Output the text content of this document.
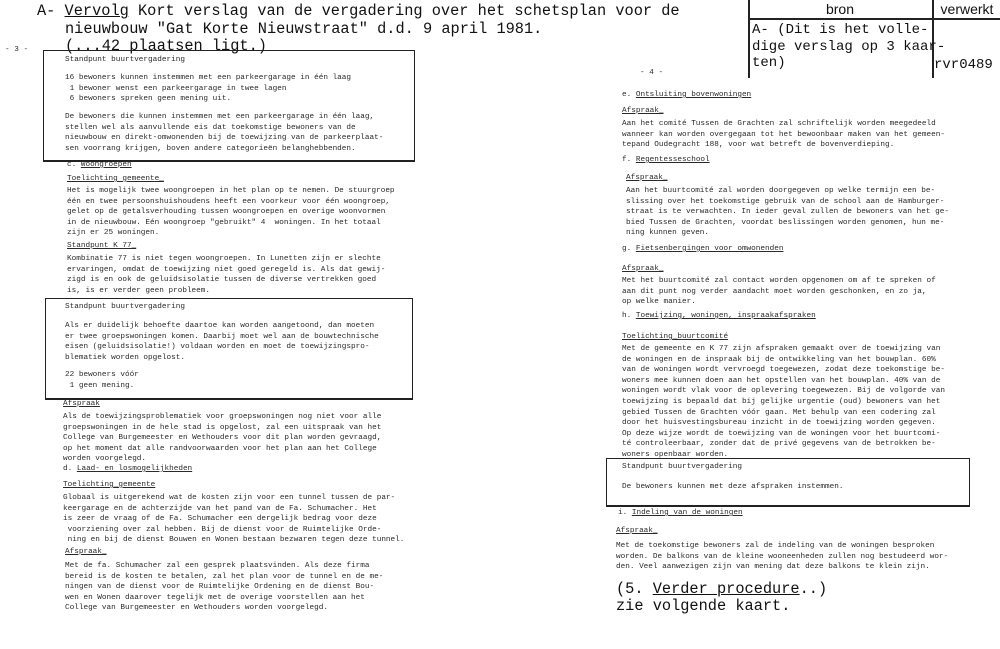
A- Vervolg Kort verslag van de vergadering over het schetsplan voor de
nieuwbouw "Gat Korte Nieuwstraat" d.d. 9 april 1981.
(...42 plaatsen ligt.)
- 3 -
Standpunt buurtvergadering
16 bewoners kunnen instemmen met een parkeergarage in één laag
1 bewoner wenst een parkeergarage in twee lagen
6 bewoners spreken geen mening uit.
De bewoners die kunnen instemmen met een parkeergarage in één laag,
stellen wel als aanvullende eis dat toekomstige bewoners van de
nieuwbouw en direkt-omwonenden bij de toewijzing van de parkeerplaat-
sen voorrang krijgen, boven andere categorieën belanghebbenden.
c. Woongroepen
Toelichting gemeente_
Het is mogelijk twee woongroepen in het plan op te nemen. De stuurgroep
één en twee persoonshuishoudens heeft een voorkeur voor één woongroep,
gelet op de getalsverhouding tussen woongroepen en overige woonvormen
in de nieuwbouw. Eén woongroep "gebruikt" 4  woningen. In het totaal
zijn er 25 woningen.
Standpunt K 77_
Kombinatie 77 is niet tegen woongroepen. In Lunetten zijn er slechte
ervaringen, omdat de toewijzing niet goed geregeld is. Als dat gewij-
zigd is en ook de geluidsisolatie tussen de diverse vertrekken goed
is, is er verder geen probleem.
Standpunt buurtvergadering
Als er duidelijk behoefte daartoe kan worden aangetoond, dan moeten
er twee groepswoningen komen. Daarbij moet wel aan de bouwtechnische
eisen (geluidsisolatie!) voldaan worden en moet de toewijzingspro-
blematiek worden opgelost.
22 bewoners vóór
1 geen mening.
Afspraak
Als de toewijzingsproblematiek voor groepswoningen nog niet voor alle
groepswoningen in de hele stad is opgelost, zal een uitspraak van het
College van Burgemeester en Wethouders voor dit plan worden gevraagd,
op het moment dat alle randvoorwaarden voor het plan aan het College
worden voorgelegd.
d. Laad- en losmogelijkheden
Toelichting_gemeente
Globaal is uitgerekend wat de kosten zijn voor een tunnel tussen de par-
keergarage en de achterzijde van het pand van de Fa. Schumacher. Het
is zeer de vraag of de Fa. Schumacher een dergelijk bedrag voor deze
voorziening over zal hebben. Bij de dienst voor de Ruimtelijke Orde-
ning en bij de dienst Bouwen en Wonen bestaan bezwaren tegen deze tunnel.
Afspraak_
Met de fa. Schumacher zal een gesprek plaatsvinden. Als deze firma
bereid is de kosten te betalen, zal het plan voor de tunnel en de me-
ningen van de dienst voor de Ruimtelijke Ordening en de dienst Bou-
wen en Wonen daarover tegelijk met de overige voorstellen aan het
College van Burgemeester en Wethouders worden voorgelegd.
bron	verwerkt
A- (Dit is het volle-
dige verslag op 3 kaar-
ten)	rvr0489
- 4 -
e. Ontsluiting bovenwoningen
Afspraak_
Aan het comité Tussen de Grachten zal schriftelijk worden meegedeeld
wanneer kan worden overgegaan tot het bewoonbaar maken van het gemeen-
tepand Oudegracht 188, voor wat betreft de bovenverdieping.
f. Regentesseschool
Afspraak_
Aan het buurtcomité zal worden doorgegeven op welke termijn een be-
slissing over het toekomstige gebruik van de school aan de Hamburger-
straat is te verwachten. In ieder geval zullen de bewoners van het ge-
bied Tussen de Grachten, voordat beslissingen worden genomen, hun me-
ning kunnen geven.
g. Fietsenbergingen voor omwonenden
Afspraak_
Met het buurtcomité zal contact worden opgenomen om af te spreken of
aan dit punt nog verder aandacht moet worden geschonken, en zo ja,
op welke manier.
h. Toewijzing, woningen, inspraakafspraken
Toelichting_buurtcomité
Met de gemeente en K 77 zijn afspraken gemaakt over de toewijzing van
de woningen en de inspraak bij de ontwikkeling van het bouwplan. 60%
van de woningen wordt vervroegd toegewezen, zodat deze toekomstige be-
woners mee kunnen doen aan het opstellen van het bouwplan. 40% van de
woningen wordt vlak voor de oplevering toegewezen. Bij de volgorde van
toewijzing is bepaald dat bij gelijke urgentie (oud) bewoners van het
gebied Tussen de Grachten vóór gaan. Met behulp van een codering zal
door het huisvestingsbureau inzicht in de toewijzing worden gegeven.
Op deze wijze wordt de toewijzing van de woningen voor het buurtcomi-
té controleerbaar, zonder dat de privé gegevens van de betrokken be-
woners openbaar worden.
Standpunt buurtvergadering
De bewoners kunnen met deze afspraken instemmen.
i. Indeling van de woningen
Afspraak_
Met de toekomstige bewoners zal de indeling van de woningen besproken
worden. De balkons van de kleine wooneenheden zullen nog bestudeerd wor-
den. Veel aanwezigen zijn van mening dat deze balkons te klein zijn.
(5. Verder procedure..)
zie volgende kaart.
